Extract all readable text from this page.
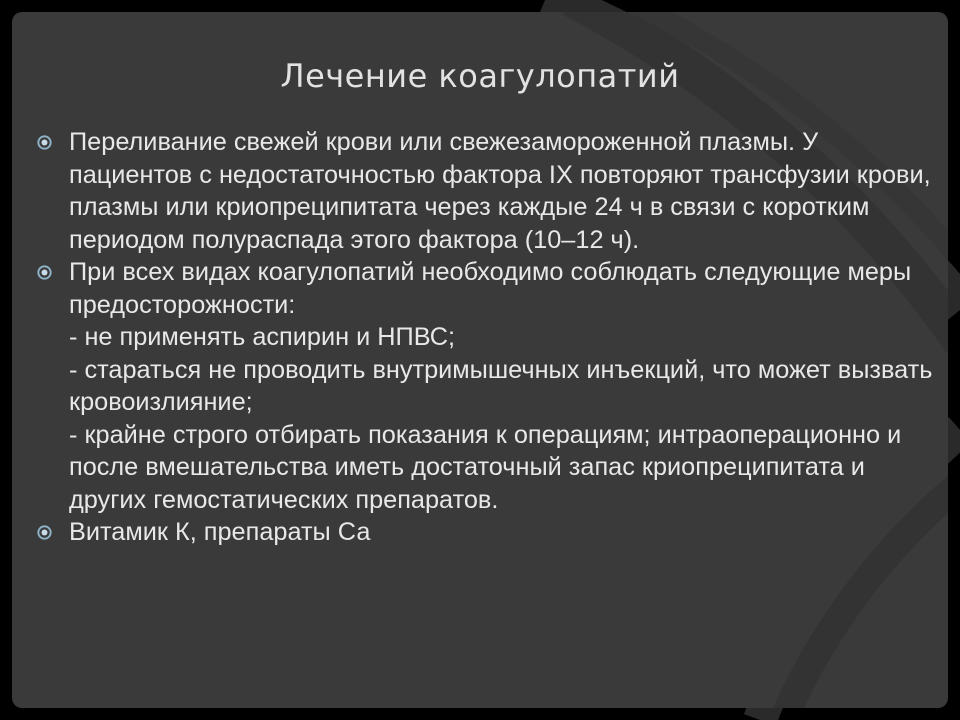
Лечение коагулопатий
Переливание свежей крови или свежезамороженной плазмы. У пациентов с недостаточностью фактора IX повторяют трансфузии крови, плазмы или криопреципитата через каждые 24 ч в связи с коротким периодом полураспада этого фактора (10–12 ч).
При всех видах коагулопатий необходимо соблюдать следующие меры предосторожности:
- не применять аспирин и НПВС;
- стараться не проводить внутримышечных инъекций, что может вызвать кровоизлияние;
- крайне строго отбирать показания к операциям; интраоперационно и после вмешательства иметь достаточный запас криопреципитата и других гемостатических препаратов.
Витамик К, препараты Са
